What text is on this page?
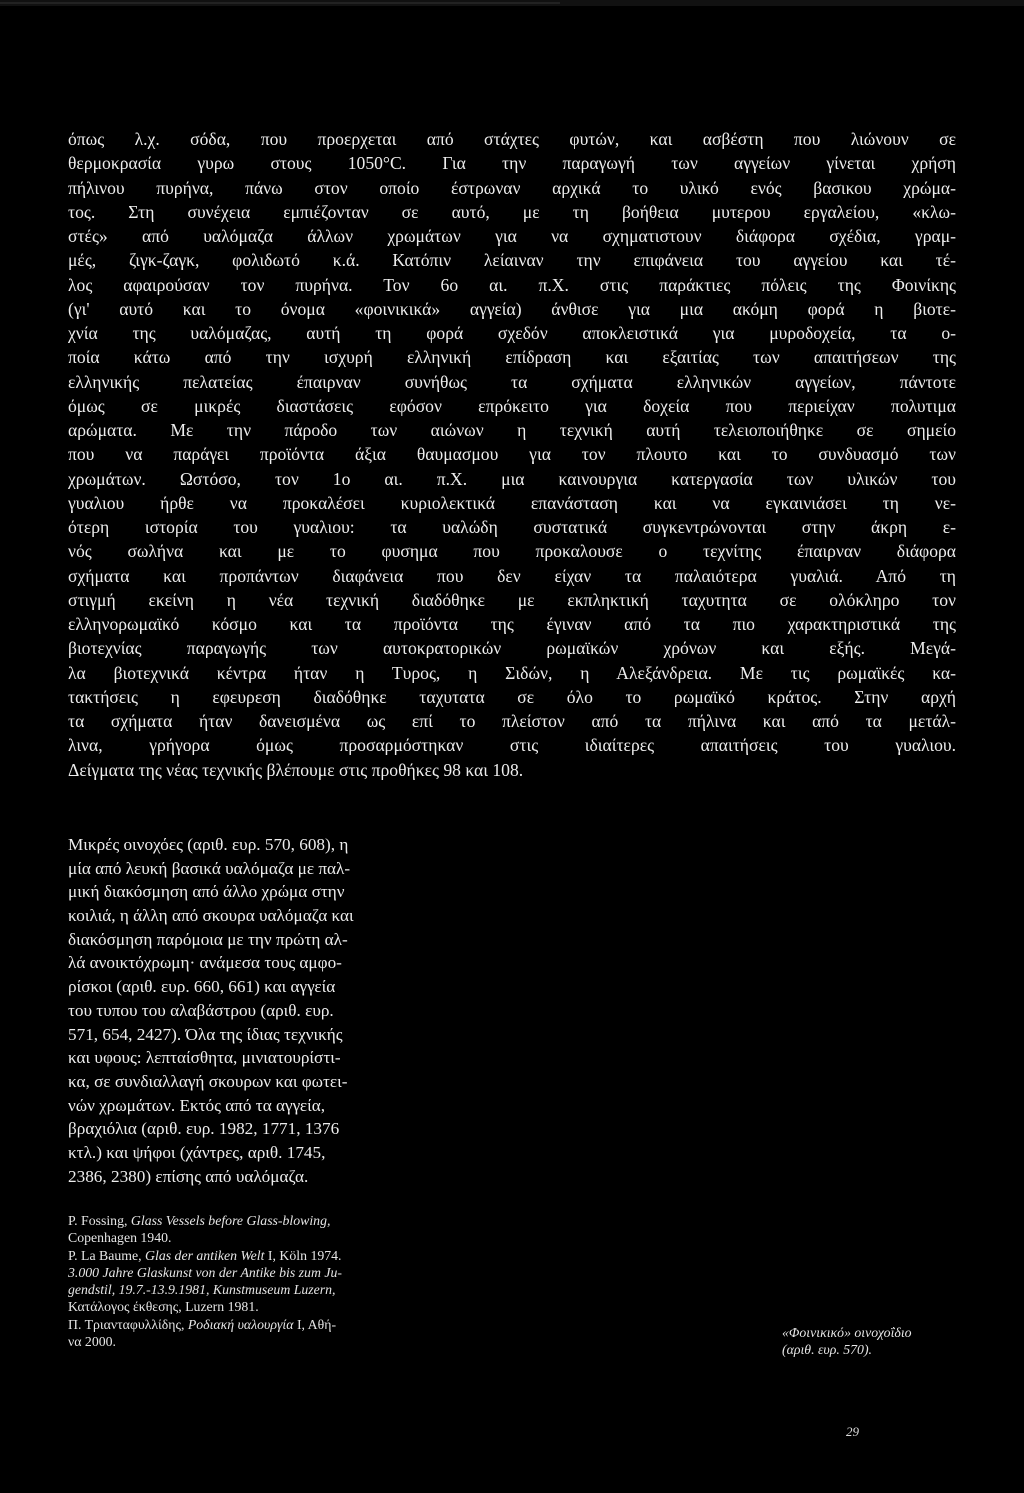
όπως λ.χ. σόδα, που προερχεται από στάχτες φυτών, και ασβέστη που λιώνουν σε
θερμοκρασία γυρω στους 1050°C. Για την παραγωγή των αγγείων γίνεται χρήση
πήλινου πυρήνα, πάνω στον οποίο έστρωναν αρχικά το υλικό ενός βασικου χρώμα-
τος. Στη συνέχεια εμπιέζονταν σε αυτό, με τη βοήθεια μυτερου εργαλείου, «κλω-
στές» από υαλόμαζα άλλων χρωμάτων για να σχηματιστουν διάφορα σχέδια, γραμ-
μές, ζιγκ-ζαγκ, φολιδωτό κ.ά. Κατόπιν λείαιναν την επιφάνεια του αγγείου και τέ-
λος αφαιρούσαν τον πυρήνα. Τον 6ο αι. π.Χ. στις παράκτιες πόλεις της Φοινίκης
(γι' αυτό και το όνομα «φοινικικά» αγγεία) άνθισε για μια ακόμη φορά η βιοτε-
χνία της υαλόμαζας, αυτή τη φορά σχεδόν αποκλειστικά για μυροδοχεία, τα ο-
ποία κάτω από την ισχυρή ελληνική επίδραση και εξαιτίας των απαιτήσεων της
ελληνικής πελατείας έπαιρναν συνήθως τα σχήματα ελληνικών αγγείων, πάντοτε
όμως σε μικρές διαστάσεις εφόσον επρόκειτο για δοχεία που περιείχαν πολυτιμα
αρώματα. Με την πάροδο των αιώνων η τεχνική αυτή τελειοποιήθηκε σε σημείο
που να παράγει προϊόντα άξια θαυμασμου για τον πλουτο και το συνδυασμό των
χρωμάτων. Ωστόσο, τον 1ο αι. π.Χ. μια καινουργια κατεργασία των υλικών του
γυαλιου ήρθε να προκαλέσει κυριολεκτικά επανάσταση και να εγκαινιάσει τη νε-
ότερη ιστορία του γυαλιου: τα υαλώδη συστατικά συγκεντρώνονται στην άκρη ε-
νός σωλήνα και με το φυσημα που προκαλουσε ο τεχνίτης έπαιρναν διάφορα
σχήματα και προπάντων διαφάνεια που δεν είχαν τα παλαιότερα γυαλιά. Από τη
στιγμή εκείνη η νέα τεχνική διαδόθηκε με εκπληκτική ταχυτητα σε ολόκληρο τον
ελληνορωμαϊκό κόσμο και τα προϊόντα της έγιναν από τα πιο χαρακτηριστικά της
βιοτεχνίας παραγωγής των αυτοκρατορικών ρωμαϊκών χρόνων και εξής. Μεγά-
λα βιοτεχνικά κέντρα ήταν η Τυρος, η Σιδών, η Αλεξάνδρεια. Με τις ρωμαϊκές κα-
τακτήσεις η εφευρεση διαδόθηκε ταχυτατα σε όλο το ρωμαϊκό κράτος. Στην αρχή
τα σχήματα ήταν δανεισμένα ως επί το πλείστον από τα πήλινα και από τα μετάλ-
λινα, γρήγορα όμως προσαρμόστηκαν στις ιδιαίτερες απαιτήσεις του γυαλιου.
Δείγματα της νέας τεχνικής βλέπουμε στις προθήκες 98 και 108.
Μικρές οινοχόες (αριθ. ευρ. 570, 608), η
μία από λευκή βασικά υαλόμαζα με παλ-
μική διακόσμηση από άλλο χρώμα στην
κοιλιά, η άλλη από σκουρα υαλόμαζα και
διακόσμηση παρόμοια με την πρώτη αλ-
λά ανοικτόχρωμη· ανάμεσα τους αμφο-
ρίσκοι (αριθ. ευρ. 660, 661) και αγγεία
του τυπου του αλαβάστρου (αριθ. ευρ.
571, 654, 2427). Όλα της ίδιας τεχνικής
και υφους: λεπταίσθητα, μινιατουρίστι-
κα, σε συνδιαλλαγή σκουρων και φωτει-
νών χρωμάτων. Εκτός από τα αγγεία,
βραχιόλια (αριθ. ευρ. 1982, 1771, 1376
κτλ.) και ψήφοι (χάντρες, αριθ. 1745,
2386, 2380) επίσης από υαλόμαζα.
P. Fossing, Glass Vessels before Glass-blowing,
Copenhagen 1940.
P. La Baume, Glas der antiken Welt I, Köln 1974.
3.000 Jahre Glaskunst von der Antike bis zum Ju-
gendstil, 19.7.-13.9.1981, Kunstmuseum Luzern,
Κατάλογος έκθεσης, Luzern 1981.
Π. Τριανταφυλλίδης, Ροδιακή υαλουργία Ι, Αθή-
να 2000.
«Φοινικικό» οινοχοΐδιο
(αριθ. ευρ. 570).
29
